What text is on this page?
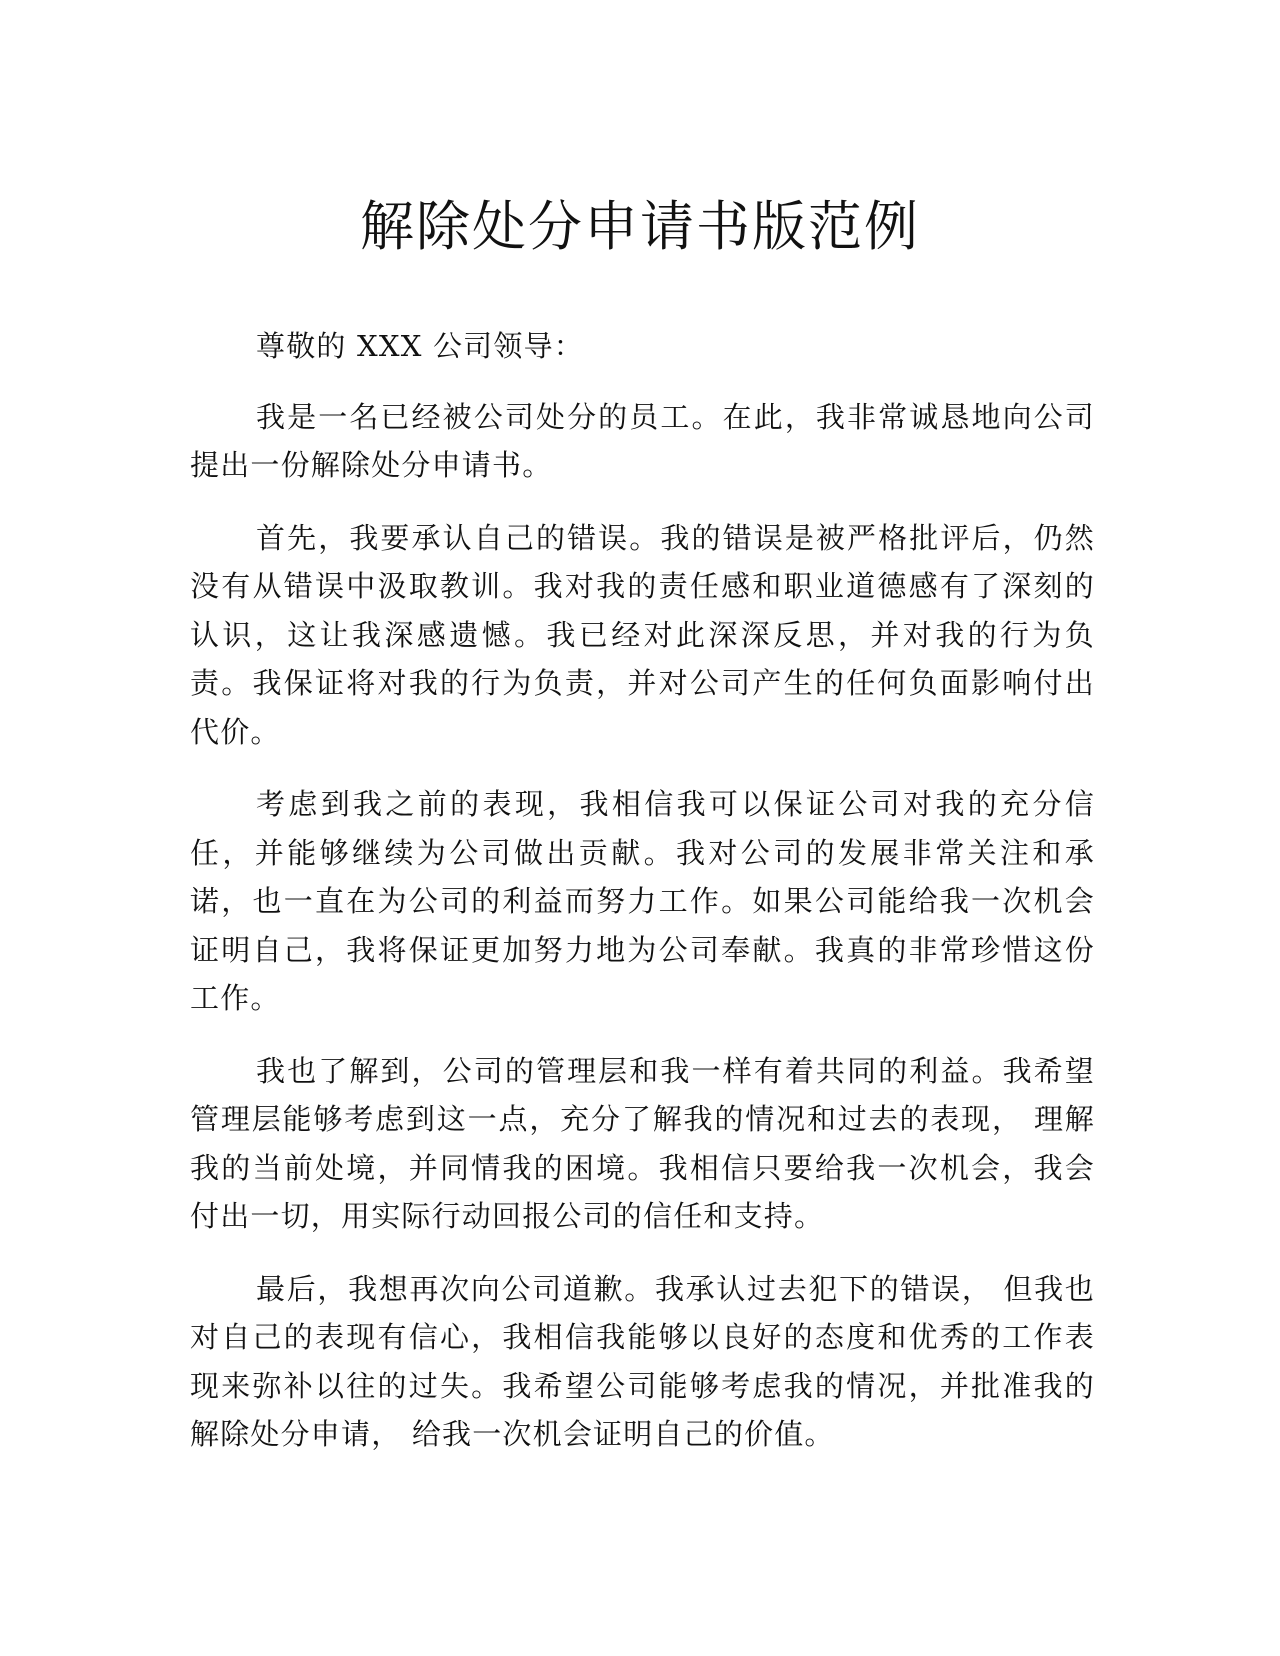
解除处分申请书版范例

尊敬的 XXX 公司领导：

我是一名已经被公司处分的员工。在此，我非常诚恳地向公司提出一份解除处分申请书。

首先，我要承认自己的错误。我的错误是被严格批评后，仍然没有从错误中汲取教训。我对我的责任感和职业道德感有了深刻的认识，这让我深感遗憾。我已经对此深深反思，并对我的行为负责。我保证将对我的行为负责，并对公司产生的任何负面影响付出代价。

考虑到我之前的表现，我相信我可以保证公司对我的充分信任，并能够继续为公司做出贡献。我对公司的发展非常关注和承诺，也一直在为公司的利益而努力工作。如果公司能给我一次机会证明自己，我将保证更加努力地为公司奉献。我真的非常珍惜这份工作。

我也了解到，公司的管理层和我一样有着共同的利益。我希望管理层能够考虑到这一点，充分了解我的情况和过去的表现， 理解我的当前处境，并同情我的困境。我相信只要给我一次机会，我会付出一切，用实际行动回报公司的信任和支持。

最后，我想再次向公司道歉。我承认过去犯下的错误， 但我也对自己的表现有信心，我相信我能够以良好的态度和优秀的工作表现来弥补以往的过失。我希望公司能够考虑我的情况，并批准我的解除处分申请， 给我一次机会证明自己的价值。
